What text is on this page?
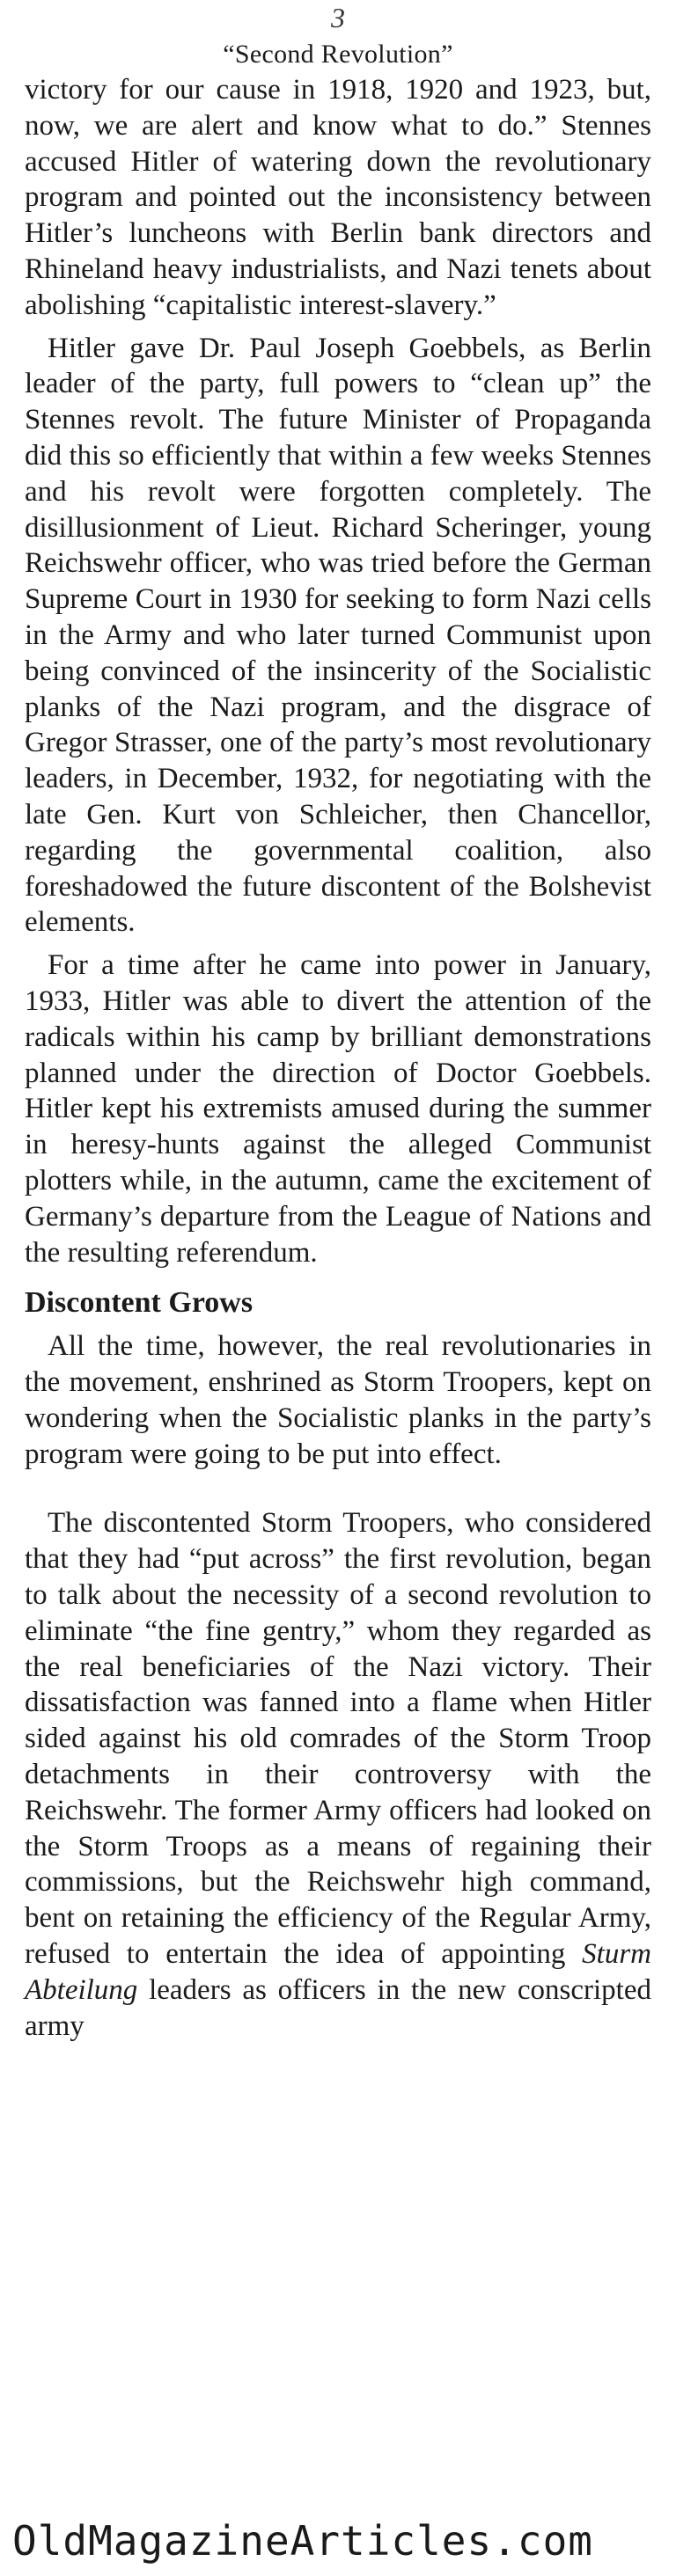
3
“Second Revolution”

victory for our cause in 1918, 1920 and 1923, but, now, we are alert and know what to do.” Stennes accused Hitler of watering down the revolutionary program and pointed out the inconsistency between Hitler’s luncheons with Berlin bank directors and Rhineland heavy industrialists, and Nazi tenets about abolishing “capitalistic interest-slavery.”

Hitler gave Dr. Paul Joseph Goebbels, as Berlin leader of the party, full powers to “clean up” the Stennes revolt. The future Minister of Propaganda did this so efficiently that within a few weeks Stennes and his revolt were forgotten completely. The disillusionment of Lieut. Richard Scheringer, young Reichswehr officer, who was tried before the German Supreme Court in 1930 for seeking to form Nazi cells in the Army and who later turned Communist upon being convinced of the insincerity of the Socialistic planks of the Nazi program, and the disgrace of Gregor Strasser, one of the party’s most revolutionary leaders, in December, 1932, for negotiating with the late Gen. Kurt von Schleicher, then Chancellor, regarding the governmental coalition, also foreshadowed the future discontent of the Bolshevist elements.

For a time after he came into power in January, 1933, Hitler was able to divert the attention of the radicals within his camp by brilliant demonstrations planned under the direction of Doctor Goebbels. Hitler kept his extremists amused during the summer in heresy-hunts against the alleged Communist plotters while, in the autumn, came the excitement of Germany’s departure from the League of Nations and the resulting referendum.

Discontent Grows

All the time, however, the real revolutionaries in the movement, enshrined as Storm Troopers, kept on wondering when the Socialistic planks in the party’s program were going to be put into effect.

The discontented Storm Troopers, who considered that they had “put across” the first revolution, began to talk about the necessity of a second revolution to eliminate “the fine gentry,” whom they regarded as the real beneficiaries of the Nazi victory. Their dissatisfaction was fanned into a flame when Hitler sided against his old comrades of the Storm Troop detachments in their controversy with the Reichswehr. The former Army officers had looked on the Storm Troops as a means of regaining their commissions, but the Reichswehr high command, bent on retaining the efficiency of the Regular Army, refused to entertain the idea of appointing Sturm Abteilung leaders as officers in the new conscripted army

OldMagazineArticles.com
